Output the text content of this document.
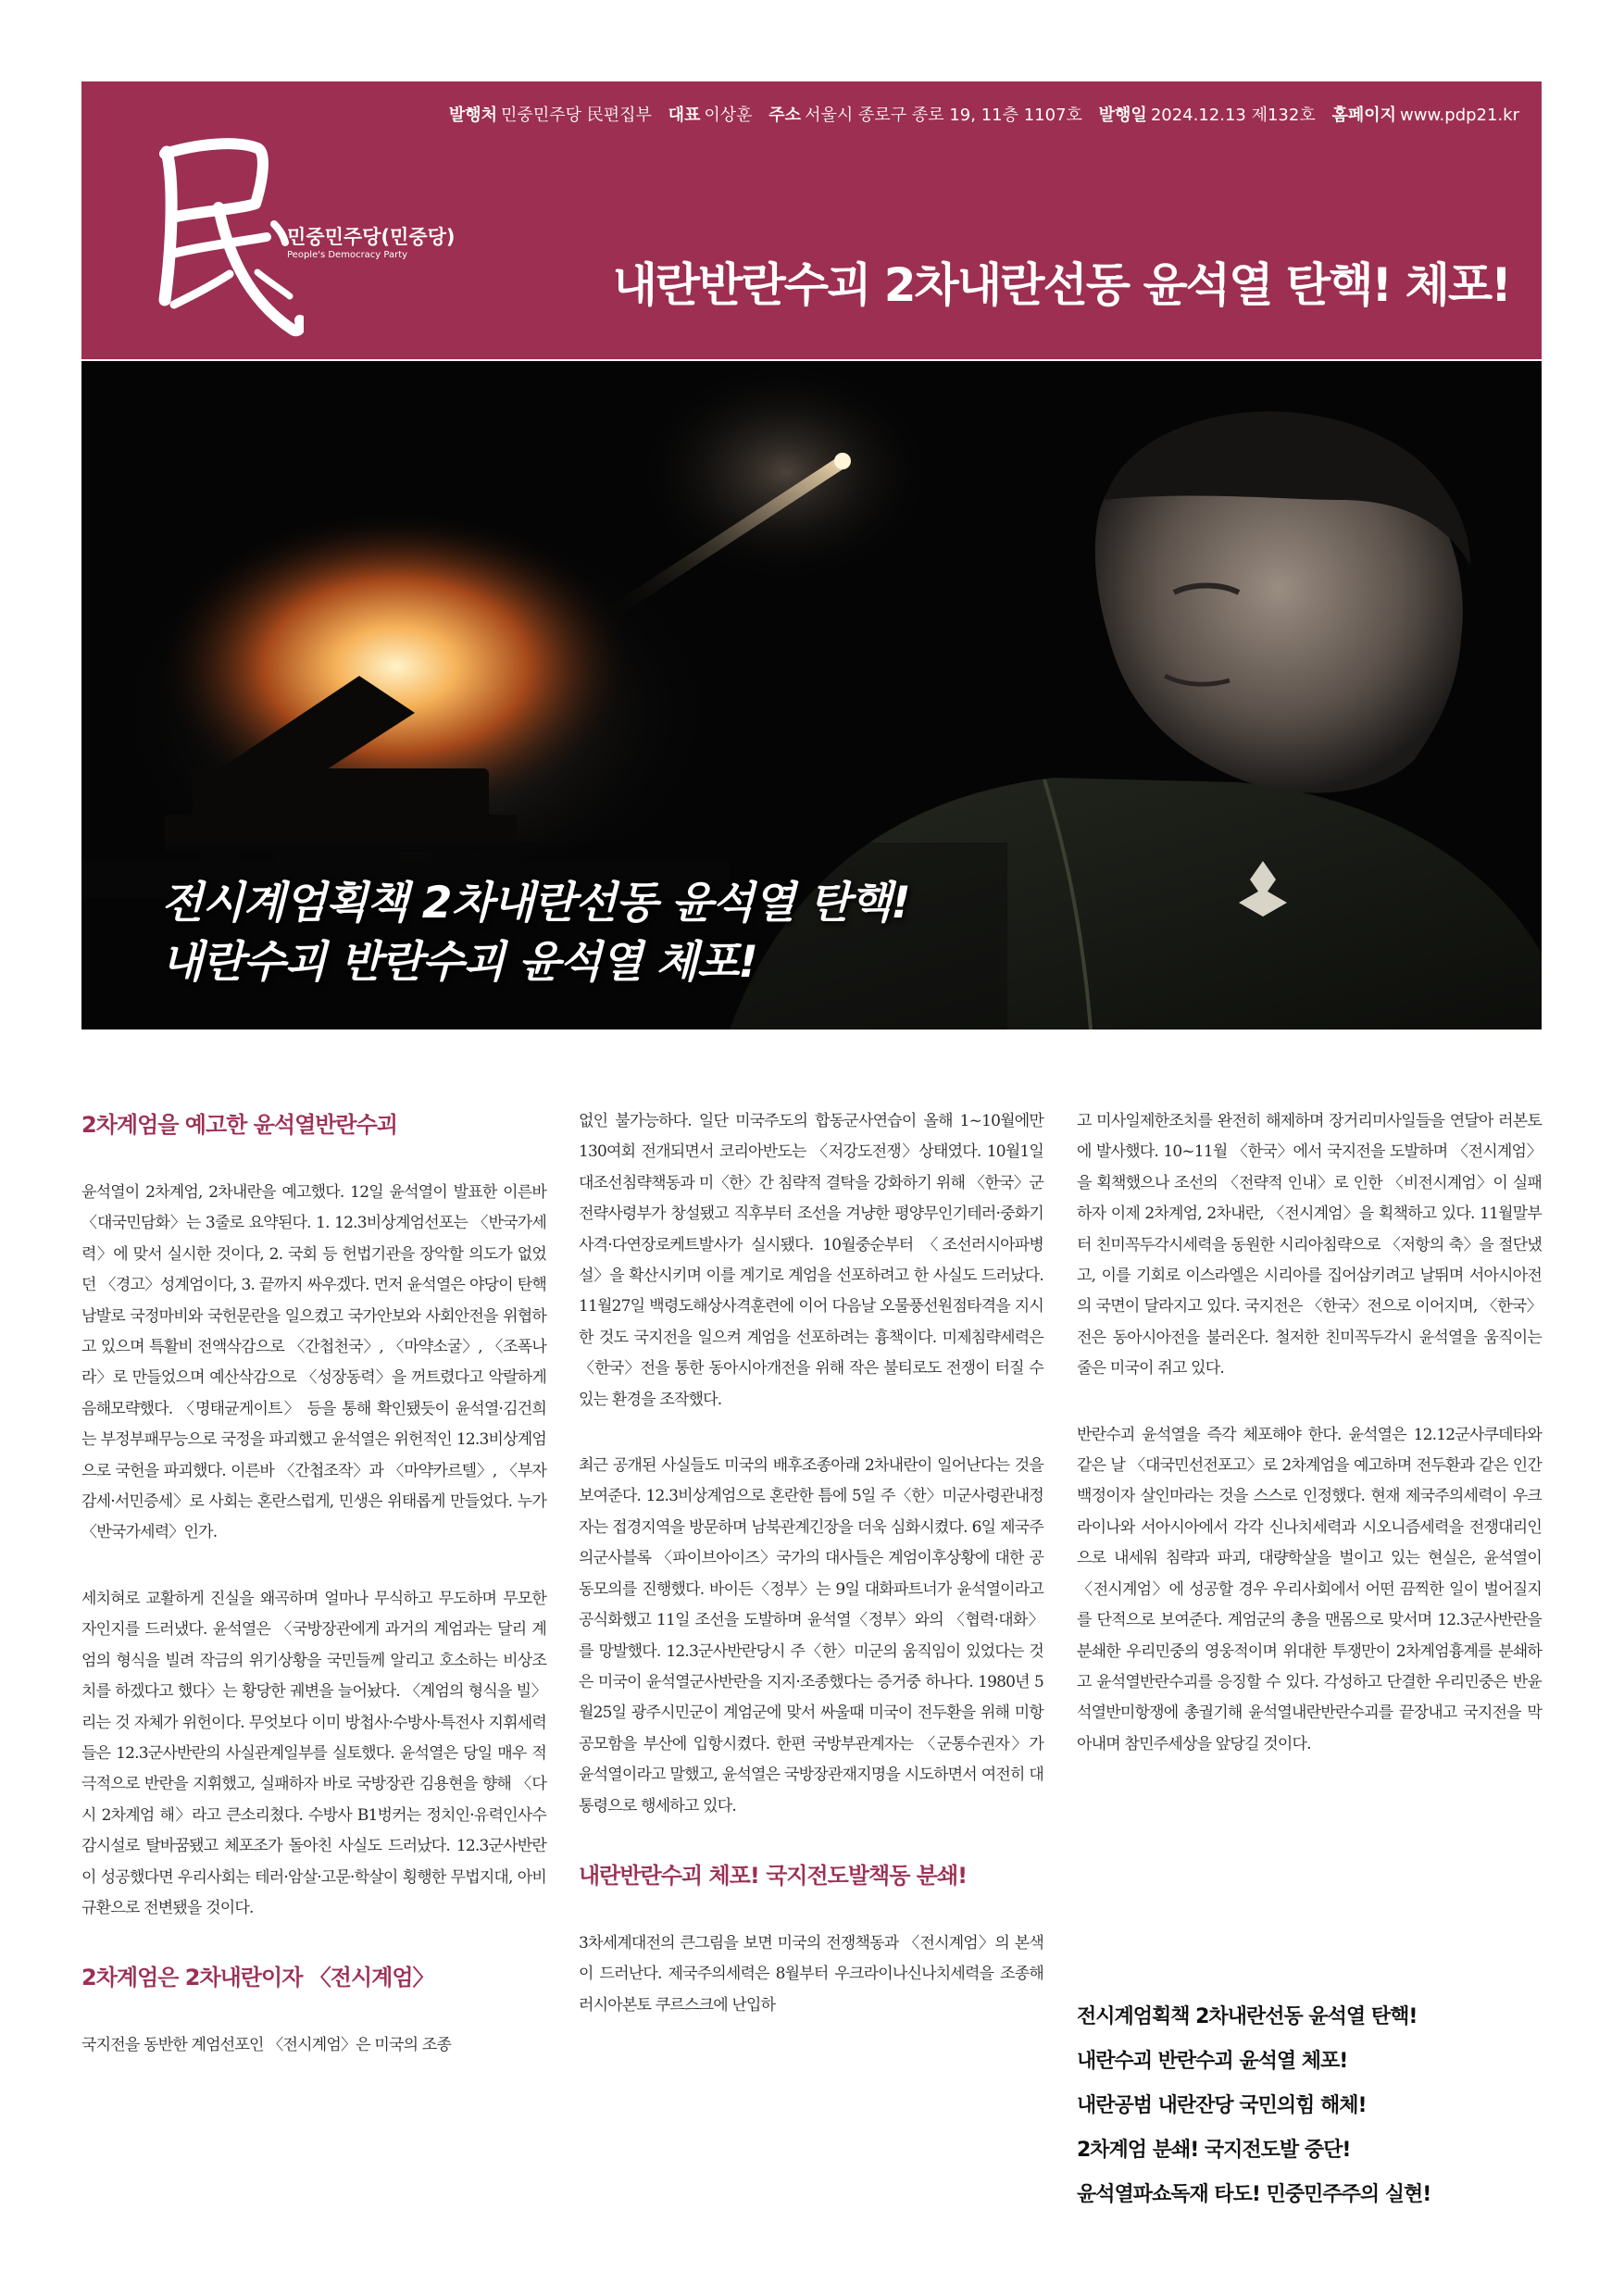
발행처 민중민주당 民편집부 대표 이상훈 주소 서울시 종로구 종로 19, 11층 1107호 발행일 2024.12.13 제132호 홈페이지 www.pdp21.kr
민중민주당(민중당)
People's Democracy Party
내란반란수괴 2차내란선동 윤석열 탄핵! 체포!
전시계엄획책 2차내란선동 윤석열 탄핵!
내란수괴 반란수괴 윤석열 체포!
2차계엄을 예고한 윤석열반란수괴

윤석열이 2차계엄, 2차내란을 예고했다. 12일 윤석열이 발표한 이른바 〈대국민담화〉는 3줄로 요약된다. 1. 12.3비상계엄선포는 〈반국가세력〉에 맞서 실시한 것이다, 2. 국회 등 헌법기관을 장악할 의도가 없었던 〈경고〉성계엄이다, 3. 끝까지 싸우겠다. 먼저 윤석열은 야당이 탄핵남발로 국정마비와 국헌문란을 일으켰고 국가안보와 사회안전을 위협하고 있으며 특활비 전액삭감으로 〈간첩천국〉, 〈마약소굴〉, 〈조폭나라〉로 만들었으며 예산삭감으로 〈성장동력〉을 꺼트렸다고 악랄하게 음해모략했다. 〈명태균게이트〉 등을 통해 확인됐듯이 윤석열·김건희는 부정부패무능으로 국정을 파괴했고 윤석열은 위헌적인 12.3비상계엄으로 국헌을 파괴했다. 이른바 〈간첩조작〉과 〈마약카르텔〉, 〈부자감세·서민증세〉로 사회는 혼란스럽게, 민생은 위태롭게 만들었다. 누가 〈반국가세력〉인가.

세치혀로 교활하게 진실을 왜곡하며 얼마나 무식하고 무도하며 무모한 자인지를 드러냈다. 윤석열은 〈국방장관에게 과거의 계엄과는 달리 계엄의 형식을 빌려 작금의 위기상황을 국민들께 알리고 호소하는 비상조치를 하겠다고 했다〉는 황당한 궤변을 늘어놨다. 〈계엄의 형식을 빌〉리는 것 자체가 위헌이다. 무엇보다 이미 방첩사·수방사·특전사 지휘세력들은 12.3군사반란의 사실관계일부를 실토했다. 윤석열은 당일 매우 적극적으로 반란을 지휘했고, 실패하자 바로 국방장관 김용현을 향해 〈다시 2차계엄 해〉라고 큰소리쳤다. 수방사 B1벙커는 정치인·유력인사수감시설로 탈바꿈됐고 체포조가 돌아친 사실도 드러났다. 12.3군사반란이 성공했다면 우리사회는 테러·암살·고문·학살이 횡행한 무법지대, 아비규환으로 전변됐을 것이다.

2차계엄은 2차내란이자 〈전시계엄〉

국지전을 동반한 계엄선포인 〈전시계엄〉은 미국의 조종

없인 불가능하다. 일단 미국주도의 합동군사연습이 올해 1~10월에만 130여회 전개되면서 코리아반도는 〈저강도전쟁〉상태였다. 10월1일 대조선침략책동과 미〈한〉간 침략적 결탁을 강화하기 위해 〈한국〉군전략사령부가 창설됐고 직후부터 조선을 겨냥한 평양무인기테러·중화기사격·다연장로케트발사가 실시됐다. 10월중순부터 〈조선러시아파병설〉을 확산시키며 이를 계기로 계엄을 선포하려고 한 사실도 드러났다. 11월27일 백령도해상사격훈련에 이어 다음날 오물풍선원점타격을 지시한 것도 국지전을 일으켜 계엄을 선포하려는 흉책이다. 미제침략세력은 〈한국〉전을 통한 동아시아개전을 위해 작은 불티로도 전쟁이 터질 수 있는 환경을 조작했다.

최근 공개된 사실들도 미국의 배후조종아래 2차내란이 일어난다는 것을 보여준다. 12.3비상계엄으로 혼란한 틈에 5일 주〈한〉미군사령관내정자는 접경지역을 방문하며 남북관계긴장을 더욱 심화시켰다. 6일 제국주의군사블록 〈파이브아이즈〉국가의 대사들은 계엄이후상황에 대한 공동모의를 진행했다. 바이든〈정부〉는 9일 대화파트너가 윤석열이라고 공식화했고 11일 조선을 도발하며 윤석열〈정부〉와의 〈협력·대화〉를 망발했다. 12.3군사반란당시 주〈한〉미군의 움직임이 있었다는 것은 미국이 윤석열군사반란을 지지·조종했다는 증거중 하나다. 1980년 5월25일 광주시민군이 계엄군에 맞서 싸울때 미국이 전두환을 위해 미항공모함을 부산에 입항시켰다. 한편 국방부관계자는 〈군통수권자〉가 윤석열이라고 말했고, 윤석열은 국방장관재지명을 시도하면서 여전히 대통령으로 행세하고 있다.

내란반란수괴 체포! 국지전도발책동 분쇄!

3차세계대전의 큰그림을 보면 미국의 전쟁책동과 〈전시계엄〉의 본색이 드러난다. 제국주의세력은 8월부터 우크라이나신나치세력을 조종해 러시아본토 쿠르스크에 난입하

고 미사일제한조치를 완전히 해제하며 장거리미사일들을 연달아 러본토에 발사했다. 10~11월 〈한국〉에서 국지전을 도발하며 〈전시계엄〉을 획책했으나 조선의 〈전략적 인내〉로 인한 〈비전시계엄〉이 실패하자 이제 2차계엄, 2차내란, 〈전시계엄〉을 획책하고 있다. 11월말부터 친미꼭두각시세력을 동원한 시리아침략으로 〈저항의 축〉을 절단냈고, 이를 기회로 이스라엘은 시리아를 집어삼키려고 날뛰며 서아시아전의 국면이 달라지고 있다. 국지전은 〈한국〉전으로 이어지며, 〈한국〉전은 동아시아전을 불러온다. 철저한 친미꼭두각시 윤석열을 움직이는 줄은 미국이 쥐고 있다.

반란수괴 윤석열을 즉각 체포해야 한다. 윤석열은 12.12군사쿠데타와 같은 날 〈대국민선전포고〉로 2차계엄을 예고하며 전두환과 같은 인간백정이자 살인마라는 것을 스스로 인정했다. 현재 제국주의세력이 우크라이나와 서아시아에서 각각 신나치세력과 시오니즘세력을 전쟁대리인으로 내세워 침략과 파괴, 대량학살을 벌이고 있는 현실은, 윤석열이 〈전시계엄〉에 성공할 경우 우리사회에서 어떤 끔찍한 일이 벌어질지를 단적으로 보여준다. 계엄군의 총을 맨몸으로 맞서며 12.3군사반란을 분쇄한 우리민중의 영웅적이며 위대한 투쟁만이 2차계엄흉계를 분쇄하고 윤석열반란수괴를 응징할 수 있다. 각성하고 단결한 우리민중은 반윤석열반미항쟁에 총궐기해 윤석열내란반란수괴를 끝장내고 국지전을 막아내며 참민주세상을 앞당길 것이다.

전시계엄획책 2차내란선동 윤석열 탄핵!
내란수괴 반란수괴 윤석열 체포!
내란공범 내란잔당 국민의힘 해체!
2차계엄 분쇄! 국지전도발 중단!
윤석열파쇼독재 타도! 민중민주주의 실현!
